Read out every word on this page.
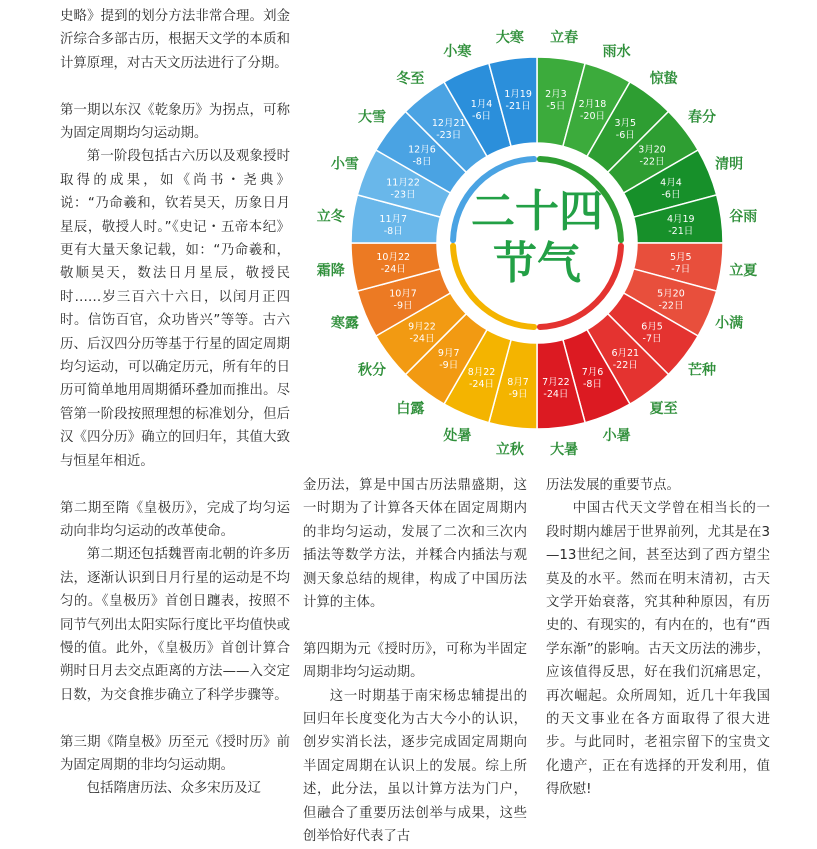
史略》提到的划分方法非常合理。刘金沂综合多部古历，根据天文学的本质和计算原理，对古天文历法进行了分期。

第一期以东汉《乾象历》为拐点，可称为固定周期均匀运动期。

第一阶段包括古六历以及观象授时取得的成果，如《尚书・尧典》说：“乃命羲和，钦若昊天，历象日月星辰，敬授人时。”《史记・五帝本纪》更有大量天象记载，如：“乃命羲和，敬顺昊天，数法日月星辰，敬授民时……岁三百六十六日，以闰月正四时。信饬百官，众功皆兴”等等。古六历、后汉四分历等基于行星的固定周期均匀运动，可以确定历元，所有年的日历可简单地用周期循环叠加而推出。尽管第一阶段按照理想的标准划分，但后汉《四分历》确立的回归年，其值大致与恒星年相近。

第二期至隋《皇极历》，完成了均匀运动向非均匀运动的改革使命。

第二期还包括魏晋南北朝的许多历法，逐渐认识到日月行星的运动是不均匀的。《皇极历》首创日躔表，按照不同节气列出太阳实际行度比平均值快或慢的值。此外，《皇极历》首创计算合朔时日月去交点距离的方法——入交定日数，为交食推步确立了科学步骤等。

第三期《隋皇极》历至元《授时历》前为固定周期的非均匀运动期。

包括隋唐历法、众多宋历及辽

金历法，算是中国古历法鼎盛期，这一时期为了计算各天体在固定周期内的非均匀运动，发展了二次和三次内插法等数学方法，并糅合内插法与观测天象总结的规律，构成了中国历法计算的主体。

第四期为元《授时历》，可称为半固定周期非均匀运动期。

这一时期基于南宋杨忠辅提出的回归年长度变化为古大今小的认识，创岁实消长法，逐步完成固定周期向半固定周期在认识上的发展。综上所述，此分法，虽以计算方法为门户，但融合了重要历法创举与成果，这些创举恰好代表了古

历法发展的重要节点。

中国古代天文学曾在相当长的一段时期内雄居于世界前列，尤其是在3—13世纪之间，甚至达到了西方望尘莫及的水平。然而在明末清初，古天文学开始衰落，究其种种原因，有历史的、有现实的，有内在的，也有“西学东渐”的影响。古天文历法的沸步，应该值得反思，好在我们沉痛思定，再次崛起。众所周知，近几十年我国的天文事业在各方面取得了很大进步。与此同时，老祖宗留下的宝贵文化遗产，正在有选择的开发利用，值得欣慰!

2月3 -5日 2月18 -20日
3月5 -6日
3月20 -22日
4月4 -6日
4月19 -21日
5月5 -7日
5月20 -22日
6月5 -7日
6月21 -22日
7月6 -8日
7月22 -24日
8月7 -9日
8月22 -24日
9月7 -9日
9月22 -24日
10月7 -9日
10月22 -24日
11月7 -8日
11月22 -23日
12月6 -8日
12月21 -23日
1月4 -6日
1月19 -21日
立春
雨水
惊蛰
春分
清明
谷雨
立夏
小满
芒种
夏至
小暑
大暑
立秋
处暑
白露
秋分
寒露
霜降
立冬
小雪
大雪
冬至
小寒
大寒
二十四
节气
